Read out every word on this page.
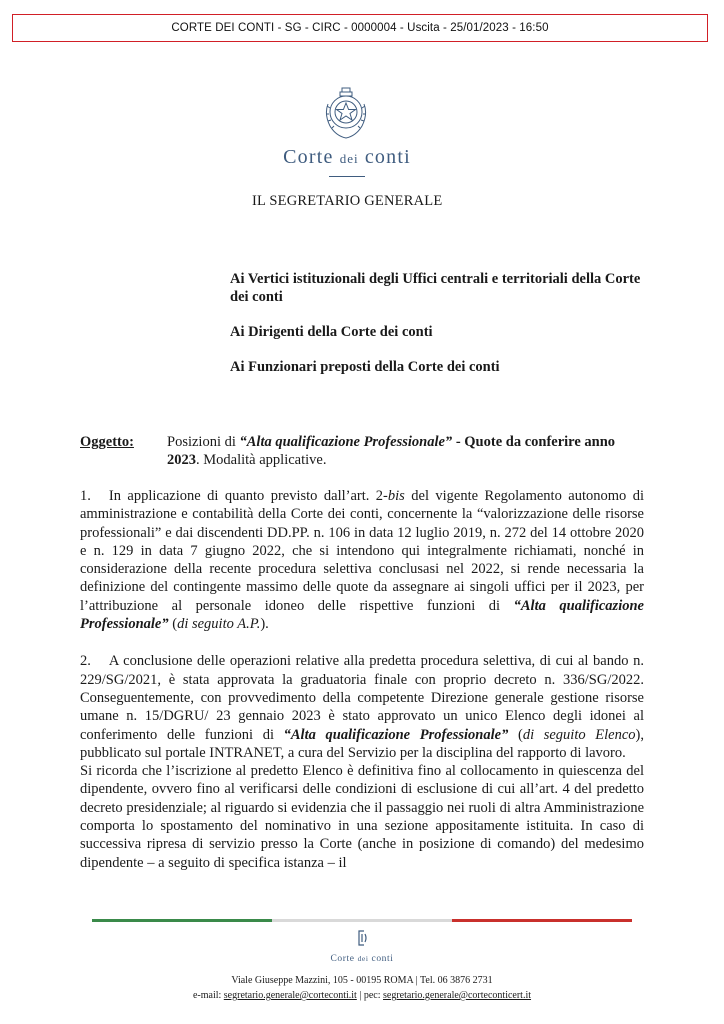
CORTE DEI CONTI - SG - CIRC - 0000004 - Uscita - 25/01/2023 - 16:50
Corte dei conti
IL SEGRETARIO GENERALE

Ai Vertici istituzionali degli Uffici centrali e territoriali della Corte dei conti

Ai Dirigenti della Corte dei conti

Ai Funzionari preposti della Corte dei conti

Oggetto:	Posizioni di “Alta qualificazione Professionale” - Quote da conferire anno 2023. Modalità applicative.

1. In applicazione di quanto previsto dall’art. 2-bis del vigente Regolamento autonomo di amministrazione e contabilità della Corte dei conti, concernente la “valorizzazione delle risorse professionali” e dai discendenti DD.PP. n. 106 in data 12 luglio 2019, n. 272 del 14 ottobre 2020 e n. 129 in data 7 giugno 2022, che si intendono qui integralmente richiamati, nonché in considerazione della recente procedura selettiva conclusasi nel 2022, si rende necessaria la definizione del contingente massimo delle quote da assegnare ai singoli uffici per il 2023, per l’attribuzione al personale idoneo delle rispettive funzioni di “Alta qualificazione Professionale” (di seguito A.P.).

2. A conclusione delle operazioni relative alla predetta procedura selettiva, di cui al bando n. 229/SG/2021, è stata approvata la graduatoria finale con proprio decreto n. 336/SG/2022. Conseguentemente, con provvedimento della competente Direzione generale gestione risorse umane n. 15/DGRU/ 23 gennaio 2023 è stato approvato un unico Elenco degli idonei al conferimento delle funzioni di “Alta qualificazione Professionale” (di seguito Elenco), pubblicato sul portale INTRANET, a cura del Servizio per la disciplina del rapporto di lavoro.

Si ricorda che l’iscrizione al predetto Elenco è definitiva fino al collocamento in quiescenza del dipendente, ovvero fino al verificarsi delle condizioni di esclusione di cui all’art. 4 del predetto decreto presidenziale; al riguardo si evidenzia che il passaggio nei ruoli di altra Amministrazione comporta lo spostamento del nominativo in una sezione appositamente istituita. In caso di successiva ripresa di servizio presso la Corte (anche in posizione di comando) del medesimo dipendente – a seguito di specifica istanza – il

Corte dei conti
Viale Giuseppe Mazzini, 105 - 00195 ROMA | Tel. 06 3876 2731
e-mail: segretario.generale@corteconti.it | pec: segretario.generale@corteconticert.it
